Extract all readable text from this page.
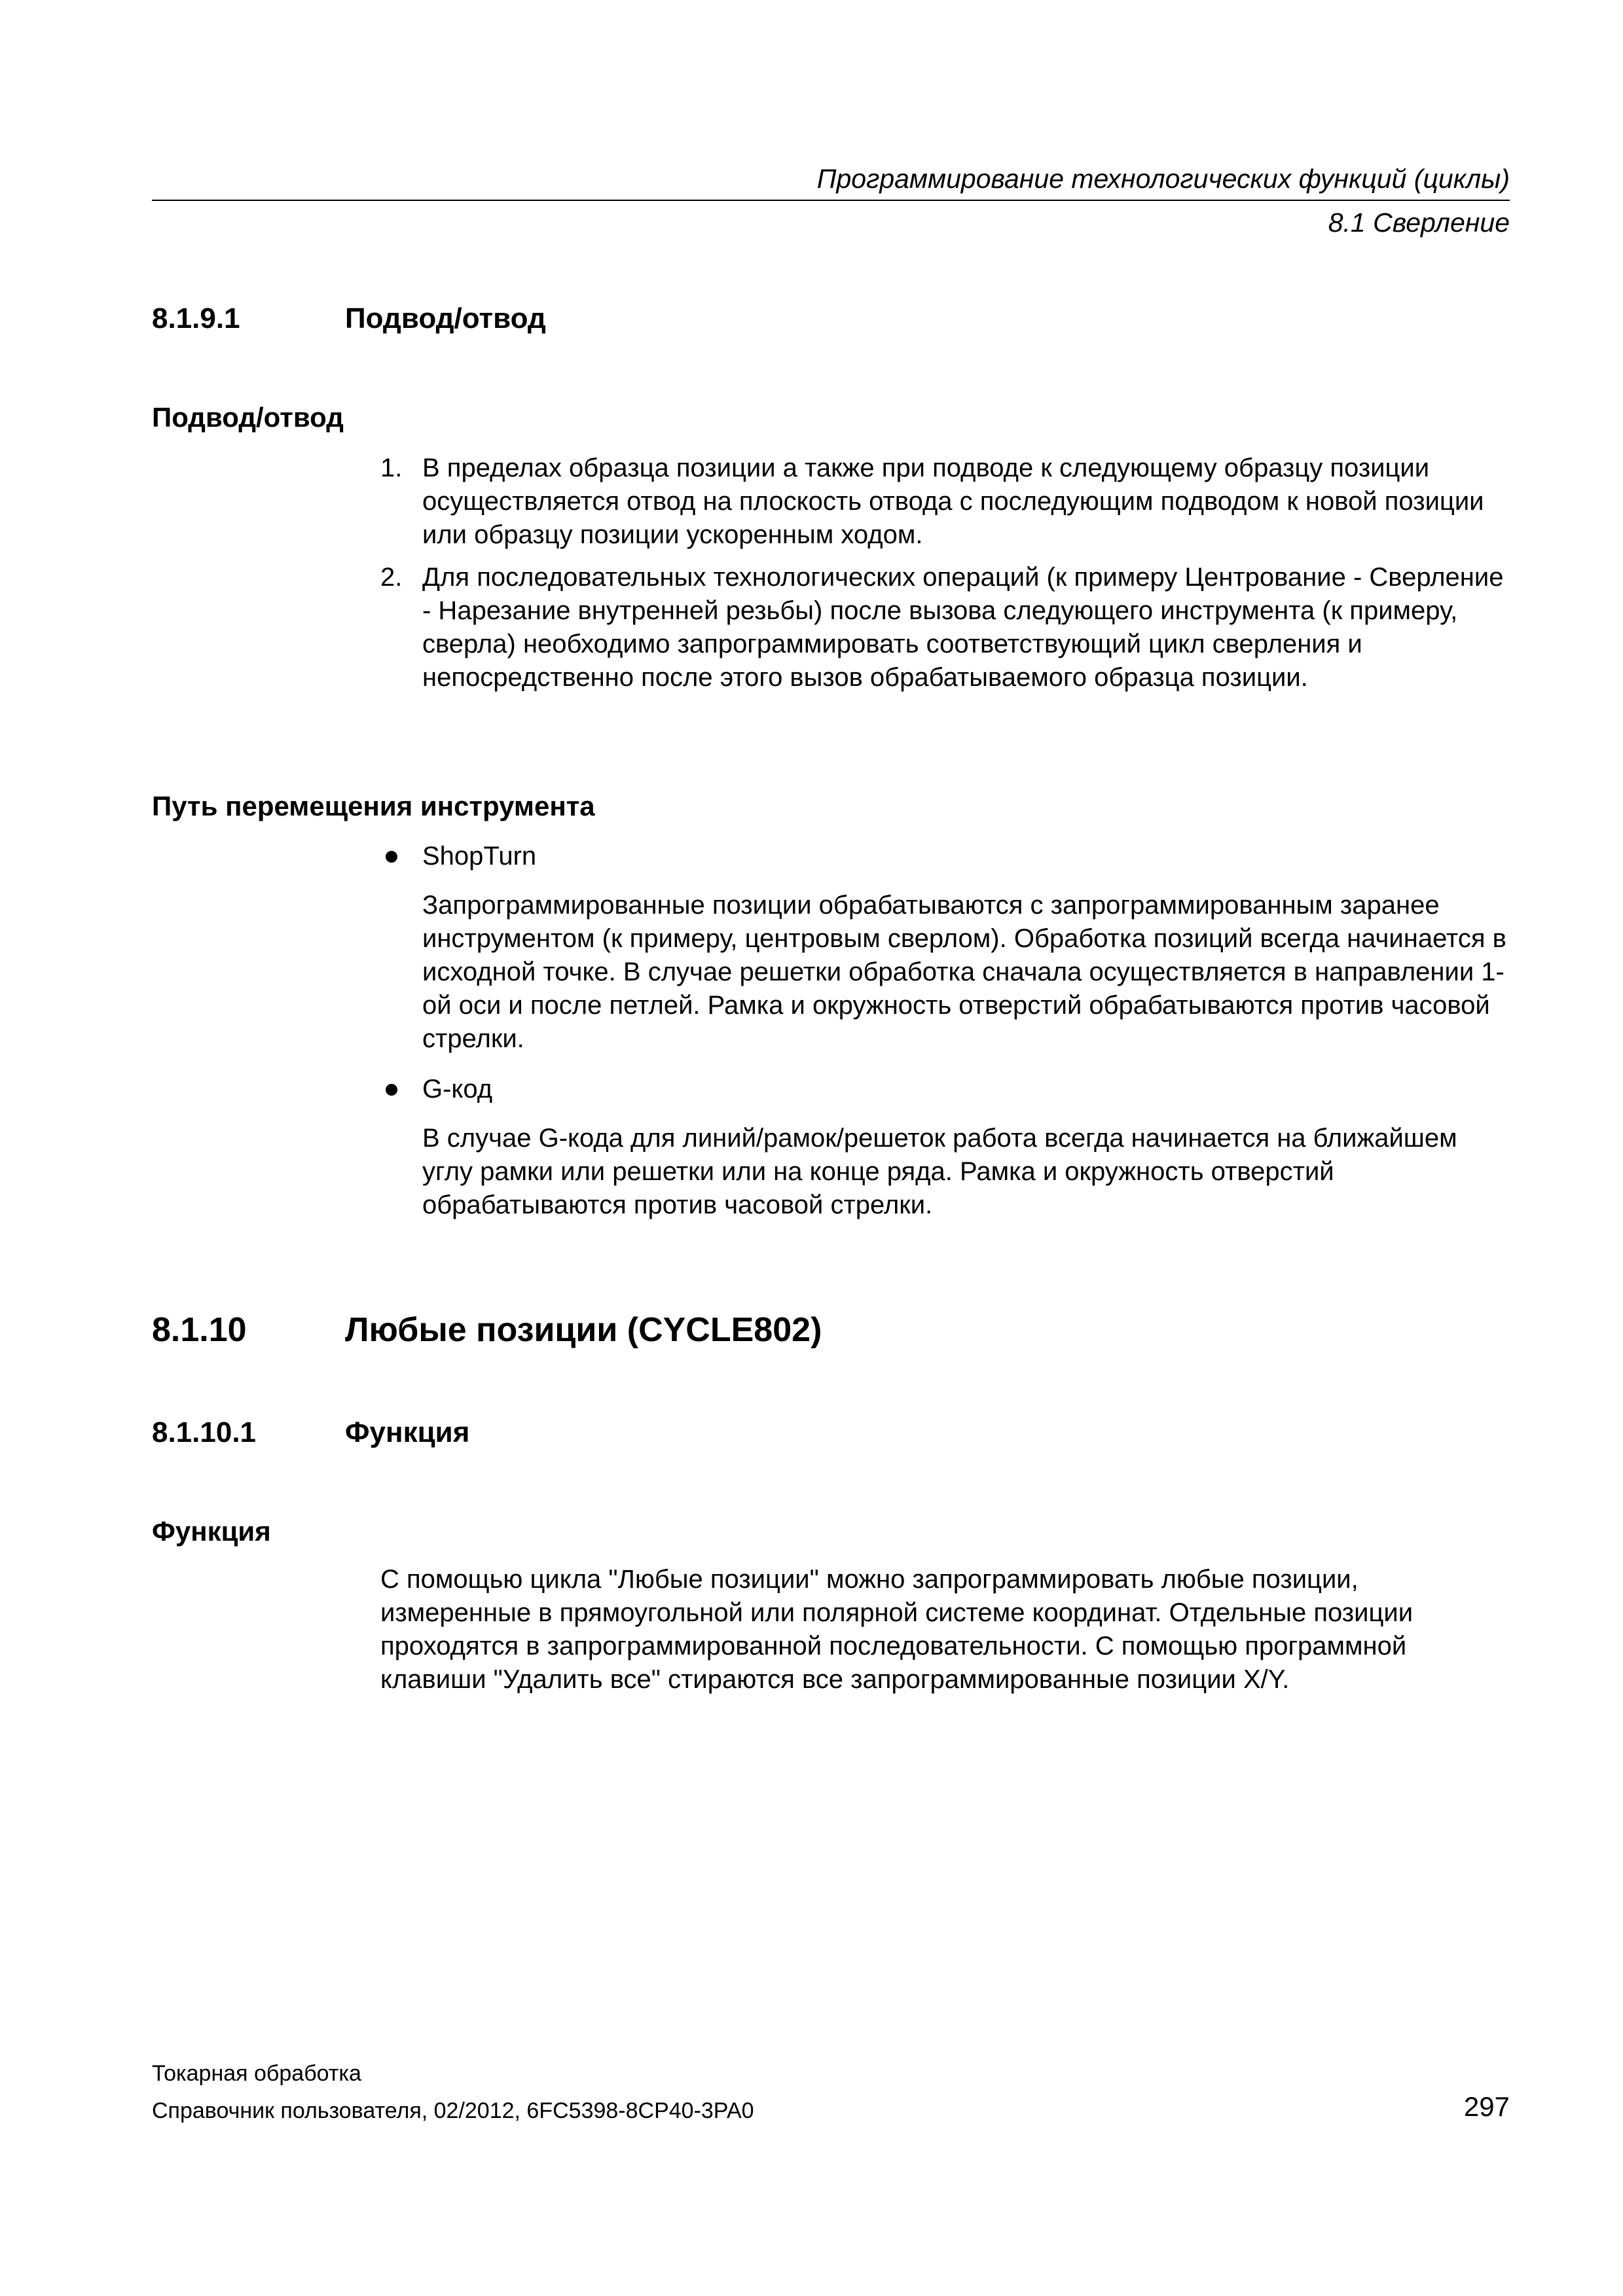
Программирование технологических функций (циклы)
8.1 Сверление
8.1.9.1	Подвод/отвод
Подвод/отвод
1. В пределах образца позиции а также при подводе к следующему образцу позиции осуществляется отвод на плоскость отвода с последующим подводом к новой позиции или образцу позиции ускоренным ходом.
2. Для последовательных технологических операций (к примеру Центрование - Сверление - Нарезание внутренней резьбы) после вызова следующего инструмента (к примеру, сверла) необходимо запрограммировать соответствующий цикл сверления и непосредственно после этого вызов обрабатываемого образца позиции.
Путь перемещения инструмента
ShopTurn
Запрограммированные позиции обрабатываются с запрограммированным заранее инструментом (к примеру, центровым сверлом). Обработка позиций всегда начинается в исходной точке. В случае решетки обработка сначала осуществляется в направлении 1-ой оси и после петлей. Рамка и окружность отверстий обрабатываются против часовой стрелки.
G-код
В случае G-кода для линий/рамок/решеток работа всегда начинается на ближайшем углу рамки или решетки или на конце ряда. Рамка и окружность отверстий обрабатываются против часовой стрелки.
8.1.10	Любые позиции (CYCLE802)
8.1.10.1	Функция
Функция
С помощью цикла "Любые позиции" можно запрограммировать любые позиции, измеренные в прямоугольной или полярной системе координат. Отдельные позиции проходятся в запрограммированной последовательности. С помощью программной клавиши "Удалить все" стираются все запрограммированные позиции X/Y.
Токарная обработка
Справочник пользователя, 02/2012, 6FC5398-8CP40-3PA0	297
